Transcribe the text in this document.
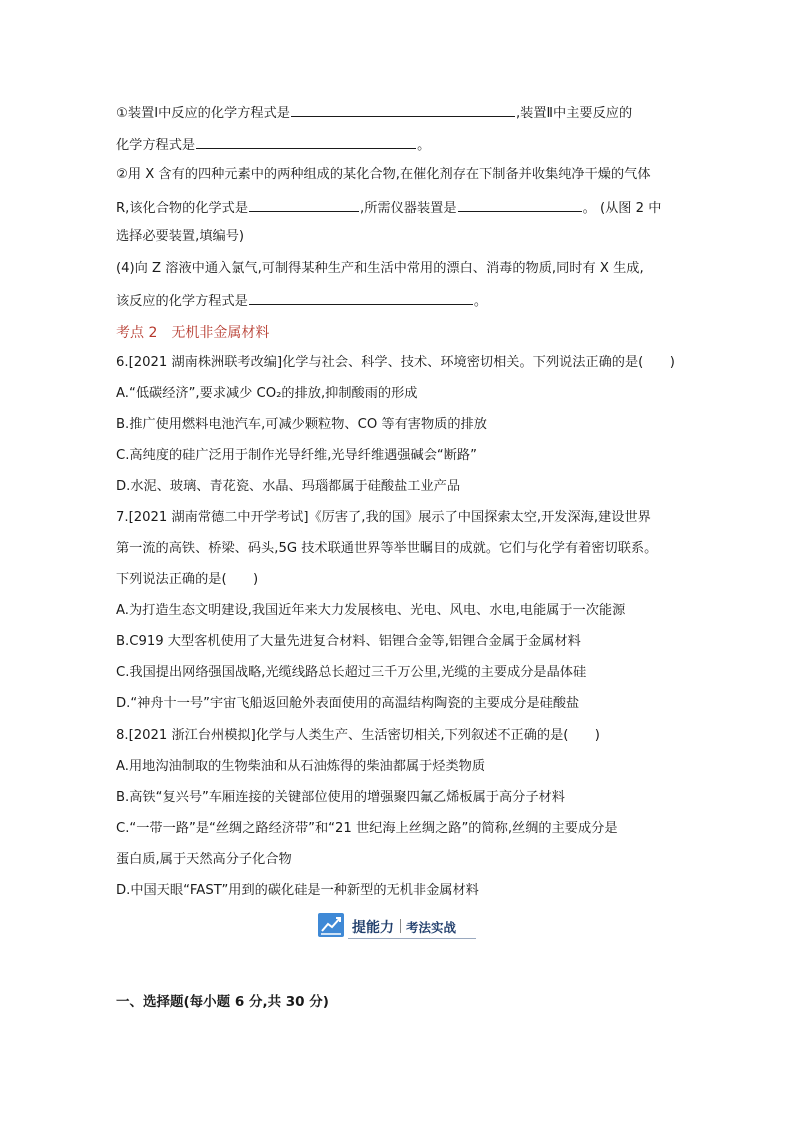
①装置Ⅰ中反应的化学方程式是	,装置Ⅱ中主要反应的
化学方程式是	。
②用 X 含有的四种元素中的两种组成的某化合物,在催化剂存在下制备并收集纯净干燥的气体
R,该化合物的化学式是	,所需仪器装置是	。 (从图 2 中
选择必要装置,填编号)
(4)向 Z 溶液中通入氯气,可制得某种生产和生活中常用的漂白、消毒的物质,同时有 X 生成,
该反应的化学方程式是	。
考点 2 无机非金属材料
6.[2021 湖南株洲联考改编]化学与社会、科学、技术、环境密切相关。下列说法正确的是(　　)
A.“低碳经济”,要求减少 CO₂的排放,抑制酸雨的形成
B.推广使用燃料电池汽车,可减少颗粒物、CO 等有害物质的排放
C.高纯度的硅广泛用于制作光导纤维,光导纤维遇强碱会“断路”
D.水泥、玻璃、青花瓷、水晶、玛瑙都属于硅酸盐工业产品
7.[2021 湖南常德二中开学考试]《厉害了,我的国》展示了中国探索太空,开发深海,建设世界
第一流的高铁、桥梁、码头,5G 技术联通世界等举世瞩目的成就。它们与化学有着密切联系。
下列说法正确的是(　　)
A.为打造生态文明建设,我国近年来大力发展核电、光电、风电、水电,电能属于一次能源
B.C919 大型客机使用了大量先进复合材料、铝锂合金等,铝锂合金属于金属材料
C.我国提出网络强国战略,光缆线路总长超过三千万公里,光缆的主要成分是晶体硅
D.“神舟十一号”宇宙飞船返回舱外表面使用的高温结构陶瓷的主要成分是硅酸盐
8.[2021 浙江台州模拟]化学与人类生产、生活密切相关,下列叙述不正确的是(　　)
A.用地沟油制取的生物柴油和从石油炼得的柴油都属于烃类物质
B.高铁“复兴号”车厢连接的关键部位使用的增强聚四氟乙烯板属于高分子材料
C.“一带一路”是“丝绸之路经济带”和“21 世纪海上丝绸之路”的简称,丝绸的主要成分是
蛋白质,属于天然高分子化合物
D.中国天眼“FAST”用到的碳化硅是一种新型的无机非金属材料
提能力 考法实战
一、选择题(每小题 6 分,共 30 分)
